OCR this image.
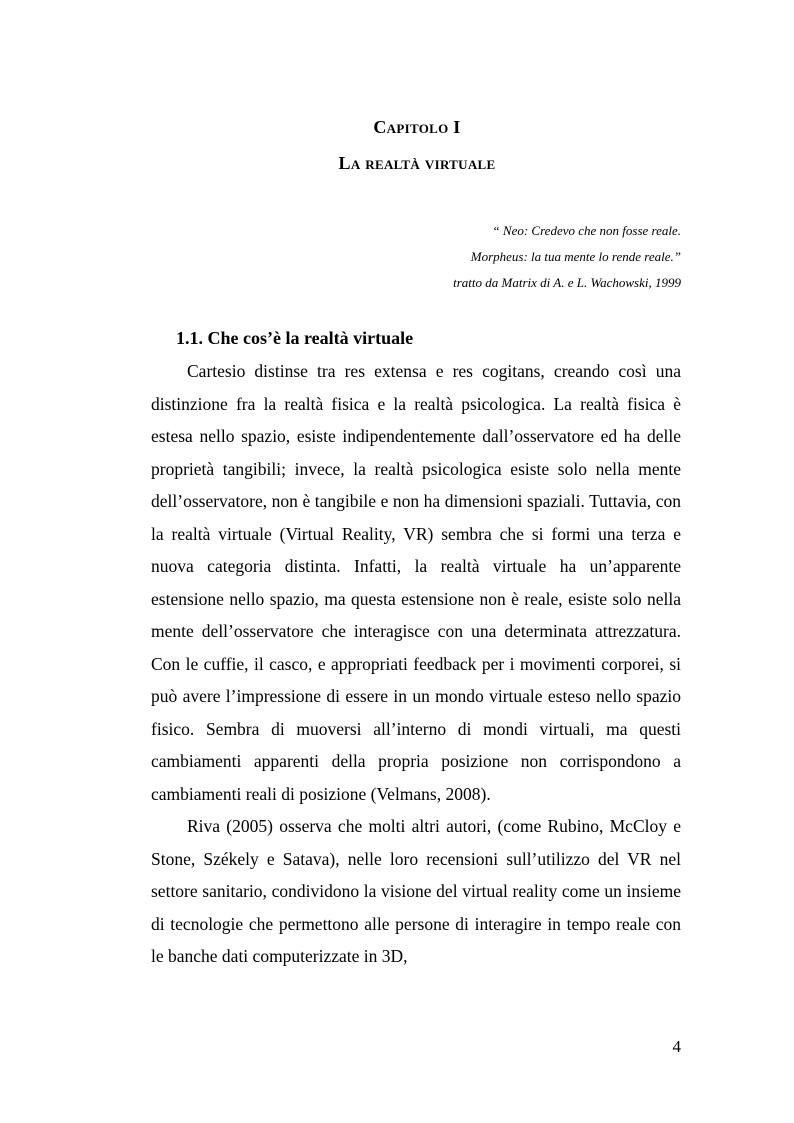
Capitolo I
La realtà virtuale
“ Neo: Credevo che non fosse reale.
Morpheus: la tua mente lo rende reale.”
tratto da Matrix di A. e L. Wachowski, 1999
1.1. Che cos’è la realtà virtuale

Cartesio distinse tra res extensa e res cogitans, creando così una distinzione fra la realtà fisica e la realtà psicologica. La realtà fisica è estesa nello spazio, esiste indipendentemente dall’osservatore ed ha delle proprietà tangibili; invece, la realtà psicologica esiste solo nella mente dell’osservatore, non è tangibile e non ha dimensioni spaziali. Tuttavia, con la realtà virtuale (Virtual Reality, VR) sembra che si formi una terza e nuova categoria distinta. Infatti, la realtà virtuale ha un’apparente estensione nello spazio, ma questa estensione non è reale, esiste solo nella mente dell’osservatore che interagisce con una determinata attrezzatura. Con le cuffie, il casco, e appropriati feedback per i movimenti corporei, si può avere l’impressione di essere in un mondo virtuale esteso nello spazio fisico. Sembra di muoversi all’interno di mondi virtuali, ma questi cambiamenti apparenti della propria posizione non corrispondono a cambiamenti reali di posizione (Velmans, 2008).

Riva (2005) osserva che molti altri autori, (come Rubino, McCloy e Stone, Székely e Satava), nelle loro recensioni sull’utilizzo del VR nel settore sanitario, condividono la visione del virtual reality come un insieme di tecnologie che permettono alle persone di interagire in tempo reale con le banche dati computerizzate in 3D,

4
